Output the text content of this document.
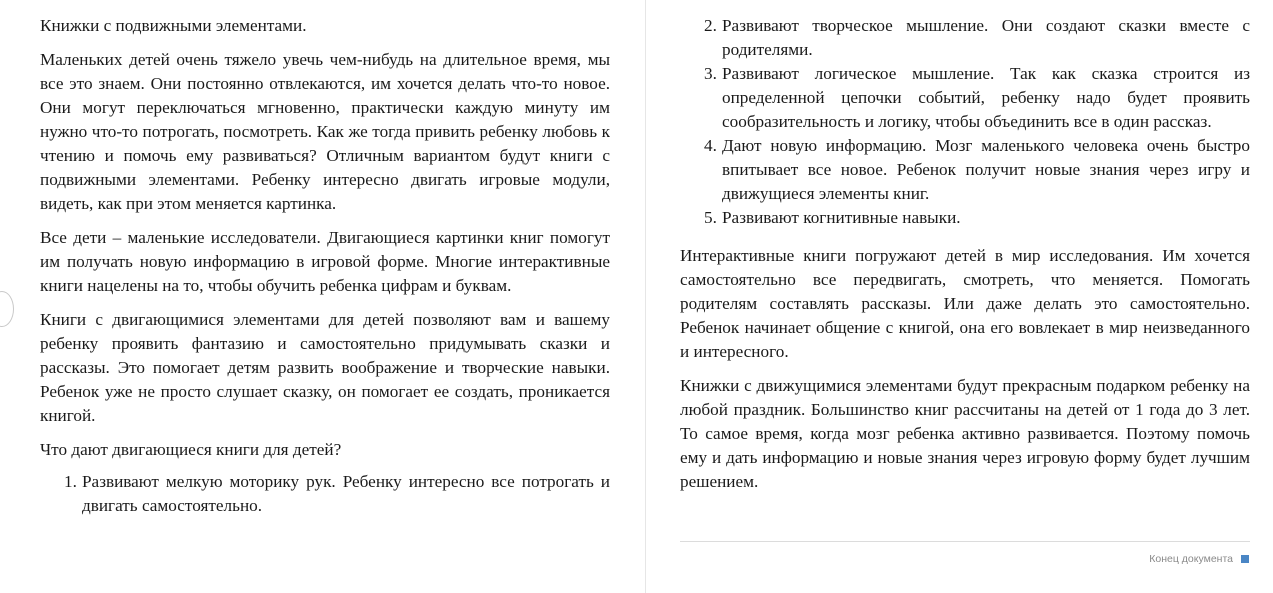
Книжки с подвижными элементами.

Маленьких детей очень тяжело увечь чем-нибудь на длительное время, мы все это знаем. Они постоянно отвлекаются, им хочется делать что-то новое. Они могут переключаться мгновенно, практически каждую минуту им нужно что-то потрогать, посмотреть. Как же тогда привить ребенку любовь к чтению и помочь ему развиваться? Отличным вариантом будут книги с подвижными элементами. Ребенку интересно двигать игровые модули, видеть, как при этом меняется картинка.

Все дети – маленькие исследователи. Двигающиеся картинки книг помогут им получать новую информацию в игровой форме. Многие интерактивные книги нацелены на то, чтобы обучить ребенка цифрам и буквам.

Книги с двигающимися элементами для детей позволяют вам и вашему ребенку проявить фантазию и самостоятельно придумывать сказки и рассказы. Это помогает детям развить воображение и творческие навыки. Ребенок уже не просто слушает сказку, он помогает ее создать, проникается книгой.

Что дают двигающиеся книги для детей?

1. Развивают мелкую моторику рук. Ребенку интересно все потрогать и двигать самостоятельно.
2. Развивают творческое мышление. Они создают сказки вместе с родителями.
3. Развивают логическое мышление. Так как сказка строится из определенной цепочки событий, ребенку надо будет проявить сообразительность и логику, чтобы объединить все в один рассказ.
4. Дают новую информацию. Мозг маленького человека очень быстро впитывает все новое. Ребенок получит новые знания через игру и движущиеся элементы книг.
5. Развивают когнитивные навыки.

Интерактивные книги погружают детей в мир исследования. Им хочется самостоятельно все передвигать, смотреть, что меняется. Помогать родителям составлять рассказы. Или даже делать это самостоятельно. Ребенок начинает общение с книгой, она его вовлекает в мир неизведанного и интересного.

Книжки с движущимися элементами будут прекрасным подарком ребенку на любой праздник. Большинство книг рассчитаны на детей от 1 года до 3 лет. То самое время, когда мозг ребенка активно развивается. Поэтому помочь ему и дать информацию и новые знания через игровую форму будет лучшим решением.

Конец документа
